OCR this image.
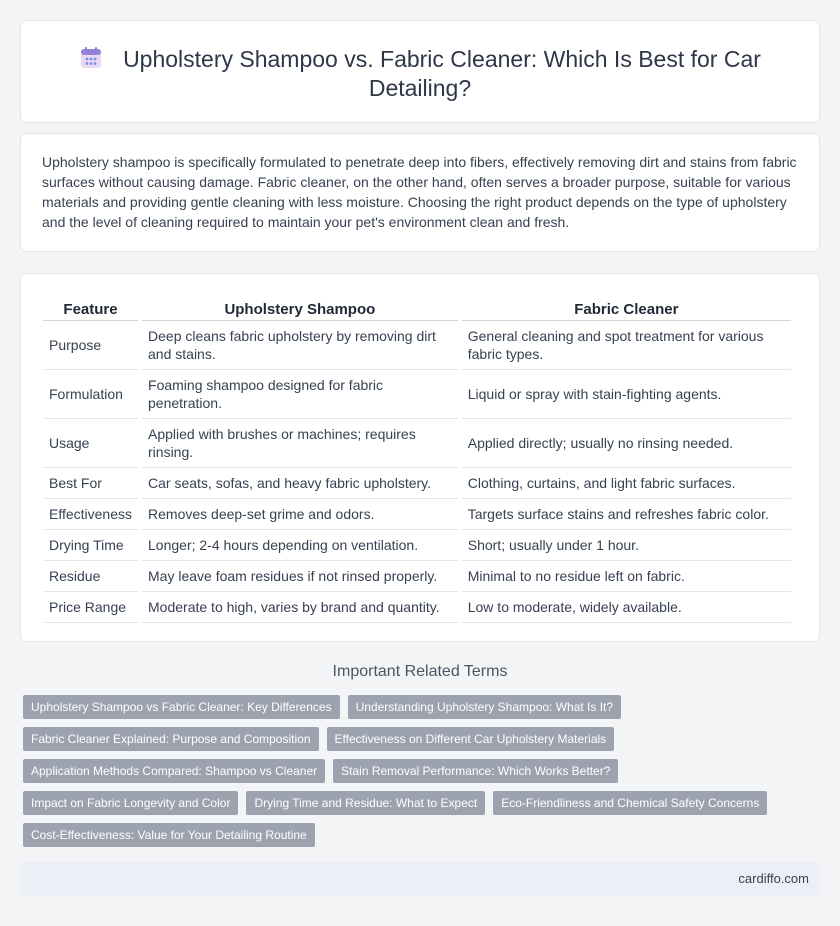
Upholstery Shampoo vs. Fabric Cleaner: Which Is Best for Car Detailing?

Upholstery shampoo is specifically formulated to penetrate deep into fibers, effectively removing dirt and stains from fabric surfaces without causing damage. Fabric cleaner, on the other hand, often serves a broader purpose, suitable for various materials and providing gentle cleaning with less moisture. Choosing the right product depends on the type of upholstery and the level of cleaning required to maintain your pet's environment clean and fresh.

Feature	Upholstery Shampoo	Fabric Cleaner
Purpose	Deep cleans fabric upholstery by removing dirt and stains.	General cleaning and spot treatment for various fabric types.
Formulation	Foaming shampoo designed for fabric penetration.	Liquid or spray with stain-fighting agents.
Usage	Applied with brushes or machines; requires rinsing.	Applied directly; usually no rinsing needed.
Best For	Car seats, sofas, and heavy fabric upholstery.	Clothing, curtains, and light fabric surfaces.
Effectiveness	Removes deep-set grime and odors.	Targets surface stains and refreshes fabric color.
Drying Time	Longer; 2-4 hours depending on ventilation.	Short; usually under 1 hour.
Residue	May leave foam residues if not rinsed properly.	Minimal to no residue left on fabric.
Price Range	Moderate to high, varies by brand and quantity.	Low to moderate, widely available.
Important Related Terms
Upholstery Shampoo vs Fabric Cleaner: Key Differences	Understanding Upholstery Shampoo: What Is It?
Fabric Cleaner Explained: Purpose and Composition	Effectiveness on Different Car Upholstery Materials
Application Methods Compared: Shampoo vs Cleaner	Stain Removal Performance: Which Works Better?
Impact on Fabric Longevity and Color	Drying Time and Residue: What to Expect	Eco-Friendliness and Chemical Safety Concerns
Cost-Effectiveness: Value for Your Detailing Routine
cardiffo.com
